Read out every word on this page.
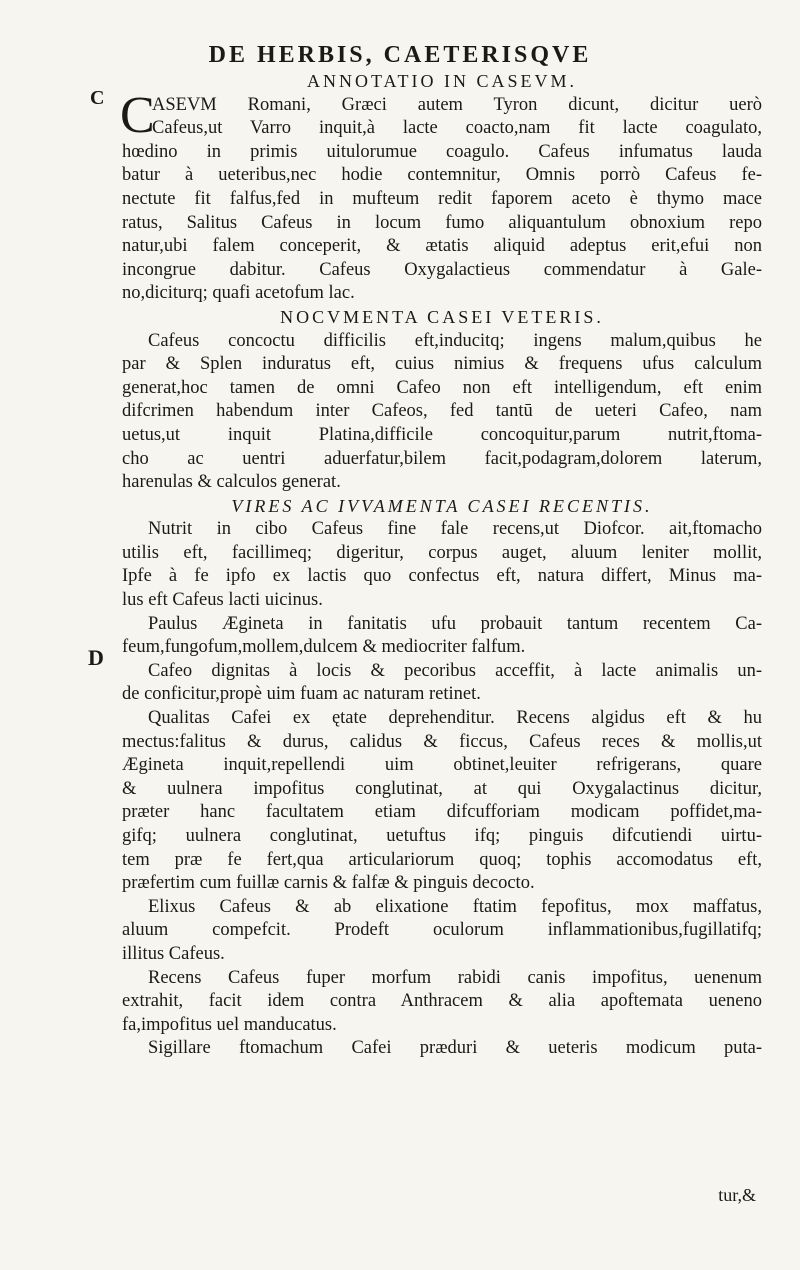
DE HERBIS, CAETERISQVE
C
D
C
ANNOTATIO IN CASEVM.
ASEVM Romani, Græci autem Tyron dicunt, dicitur uerò
Cafeus,ut Varro inquit,à lacte coacto,nam fit lacte coagulato,
hœdino in primis uitulorumue coagulo. Cafeus infumatus lauda
batur à ueteribus,nec hodie contemnitur, Omnis porrò Cafeus fe-
nectute fit falfus,fed in mufteum redit faporem aceto è thymo mace
ratus, Salitus Cafeus in locum fumo aliquantulum obnoxium repo
natur,ubi falem conceperit, & ætatis aliquid adeptus erit,efui non
incongrue dabitur. Cafeus Oxygalactieus commendatur à Gale-
no,diciturq; quafi acetofum lac.
NOCVMENTA CASEI VETERIS.
Cafeus concoctu difficilis eft,inducitq; ingens malum,quibus he
par & Splen induratus eft, cuius nimius & frequens ufus calculum
generat,hoc tamen de omni Cafeo non eft intelligendum, eft enim
difcrimen habendum inter Cafeos, fed tantū de ueteri Cafeo, nam
uetus,ut inquit Platina,difficile concoquitur,parum nutrit,ftoma-
cho ac uentri aduerfatur,bilem facit,podagram,dolorem laterum,
harenulas & calculos generat.
VIRES AC IVVAMENTA CASEI RECENTIS.
Nutrit in cibo Cafeus fine fale recens,ut Diofcor. ait,ftomacho
utilis eft, facillimeq; digeritur, corpus auget, aluum leniter mollit,
Ipfe à fe ipfo ex lactis quo confectus eft, natura differt, Minus ma-
lus eft Cafeus lacti uicinus.
Paulus Ægineta in fanitatis ufu probauit tantum recentem Ca-
feum,fungofum,mollem,dulcem & mediocriter falfum.
Cafeo dignitas à locis & pecoribus acceffit, à lacte animalis un-
de conficitur,propè uim fuam ac naturam retinet.
Qualitas Cafei ex ętate deprehenditur. Recens algidus eft & hu
mectus:falitus & durus, calidus & ficcus, Cafeus reces & mollis,ut
Ægineta inquit,repellendi uim obtinet,leuiter refrigerans, quare
& uulnera impofitus conglutinat, at qui Oxygalactinus dicitur,
præter hanc facultatem etiam difcufforiam modicam poffidet,ma-
gifq; uulnera conglutinat, uetuftus ifq; pinguis difcutiendi uirtu-
tem præ fe fert,qua articulariorum quoq; tophis accomodatus eft,
præfertim cum fuillæ carnis & falfæ & pinguis decocto.
Elixus Cafeus & ab elixatione ftatim fepofitus, mox maffatus,
aluum compefcit. Prodeft oculorum inflammationibus,fugillatifq;
illitus Cafeus.
Recens Cafeus fuper morfum rabidi canis impofitus, uenenum
extrahit, facit idem contra Anthracem & alia apoftemata ueneno
fa,impofitus uel manducatus.
Sigillare ftomachum Cafei præduri & ueteris modicum puta-
tur,&
